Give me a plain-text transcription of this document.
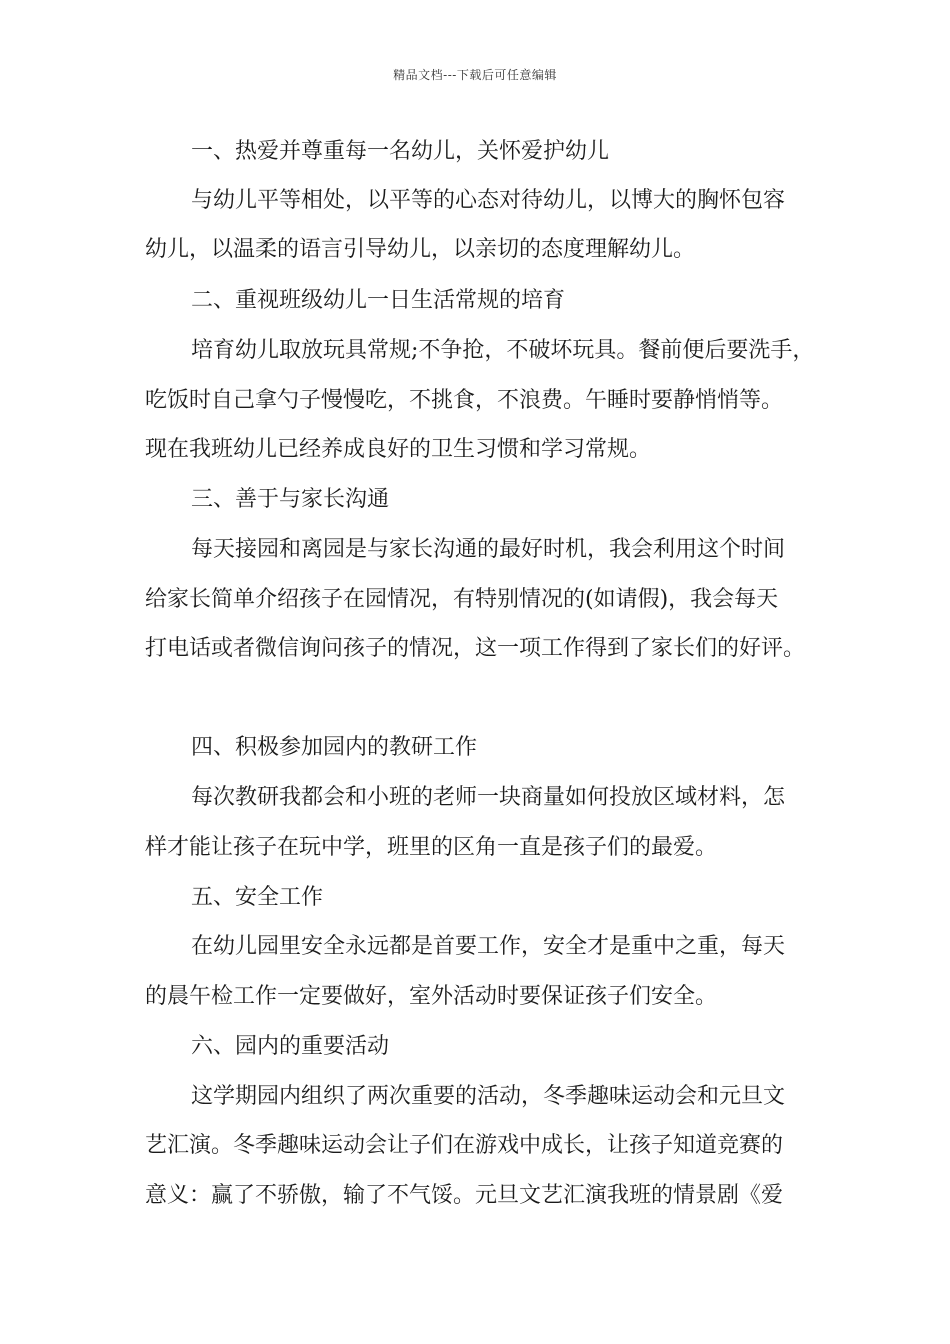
精品文档---下载后可任意编辑
一、热爱并尊重每一名幼儿，关怀爱护幼儿
与幼儿平等相处，以平等的心态对待幼儿，以博大的胸怀包容
幼儿，以温柔的语言引导幼儿，以亲切的态度理解幼儿。
二、重视班级幼儿一日生活常规的培育
培育幼儿取放玩具常规;不争抢，不破坏玩具。餐前便后要洗手，
吃饭时自己拿勺子慢慢吃，不挑食，不浪费。午睡时要静悄悄等。
现在我班幼儿已经养成良好的卫生习惯和学习常规。
三、善于与家长沟通
每天接园和离园是与家长沟通的最好时机，我会利用这个时间
给家长简单介绍孩子在园情况，有特别情况的(如请假)，我会每天
打电话或者微信询问孩子的情况，这一项工作得到了家长们的好评。
四、积极参加园内的教研工作
每次教研我都会和小班的老师一块商量如何投放区域材料，怎
样才能让孩子在玩中学，班里的区角一直是孩子们的最爱。
五、安全工作
在幼儿园里安全永远都是首要工作，安全才是重中之重，每天
的晨午检工作一定要做好，室外活动时要保证孩子们安全。
六、园内的重要活动
这学期园内组织了两次重要的活动，冬季趣味运动会和元旦文
艺汇演。冬季趣味运动会让子们在游戏中成长，让孩子知道竞赛的
意义：赢了不骄傲，输了不气馁。元旦文艺汇演我班的情景剧《爱
